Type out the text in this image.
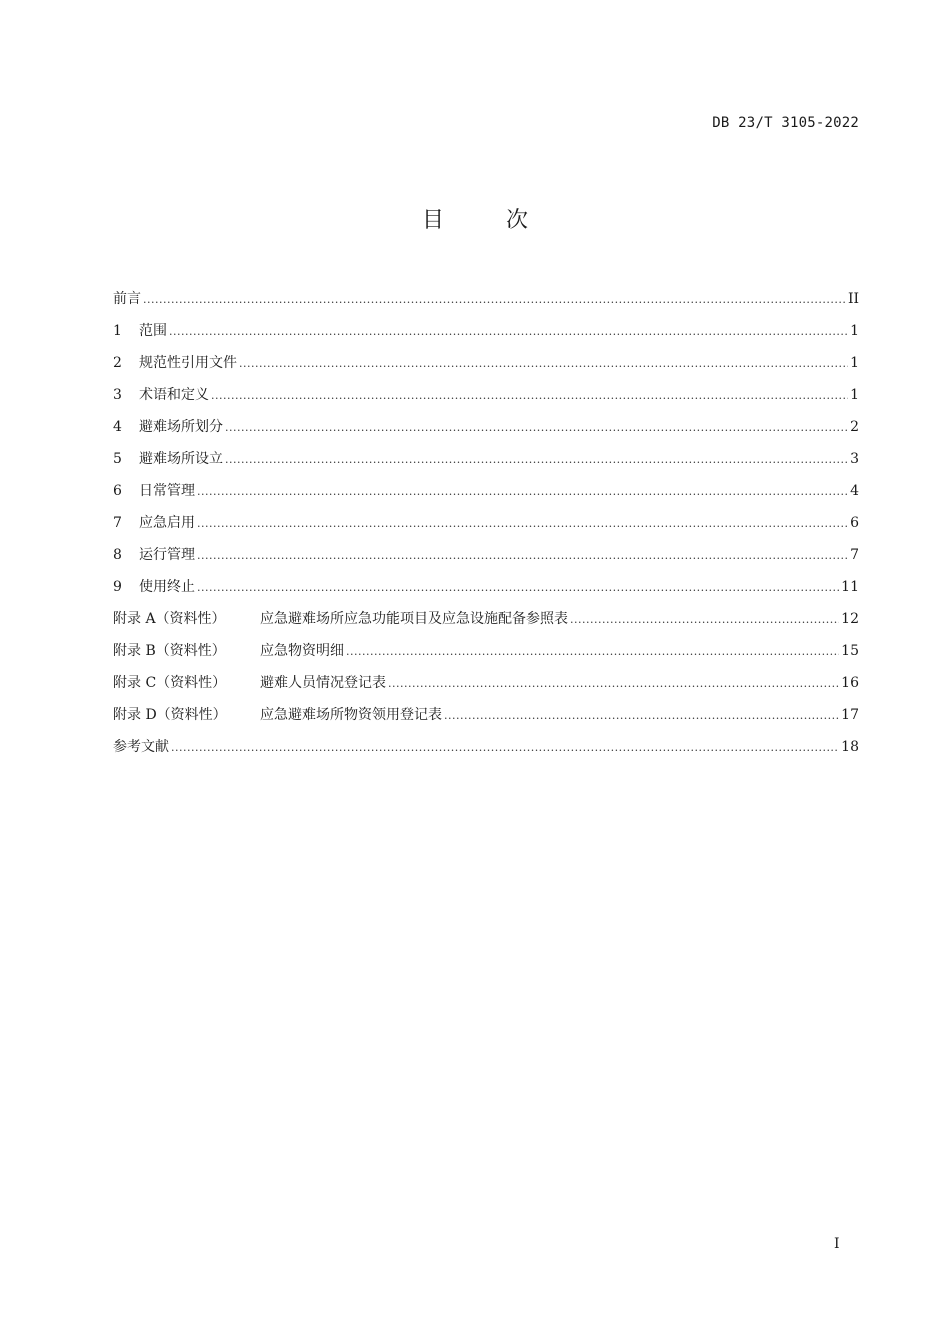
DB 23/T 3105-2022
目次
前言 .....	II
1	范围 .....	1
2	规范性引用文件 .....	1
3	术语和定义 .....	1
4	避难场所划分 .....	2
5	避难场所设立 .....	3
6	日常管理 .....	4
7	应急启用 .....	6
8	运行管理 .....	7
9	使用终止 .....	11
附录 A（资料性）	应急避难场所应急功能项目及应急设施配备参照表 .....	12
附录 B（资料性）	应急物资明细 .....	15
附录 C（资料性）	避难人员情况登记表 .....	16
附录 D（资料性）	应急避难场所物资领用登记表 .....	17
参考文献 .....	18
I
